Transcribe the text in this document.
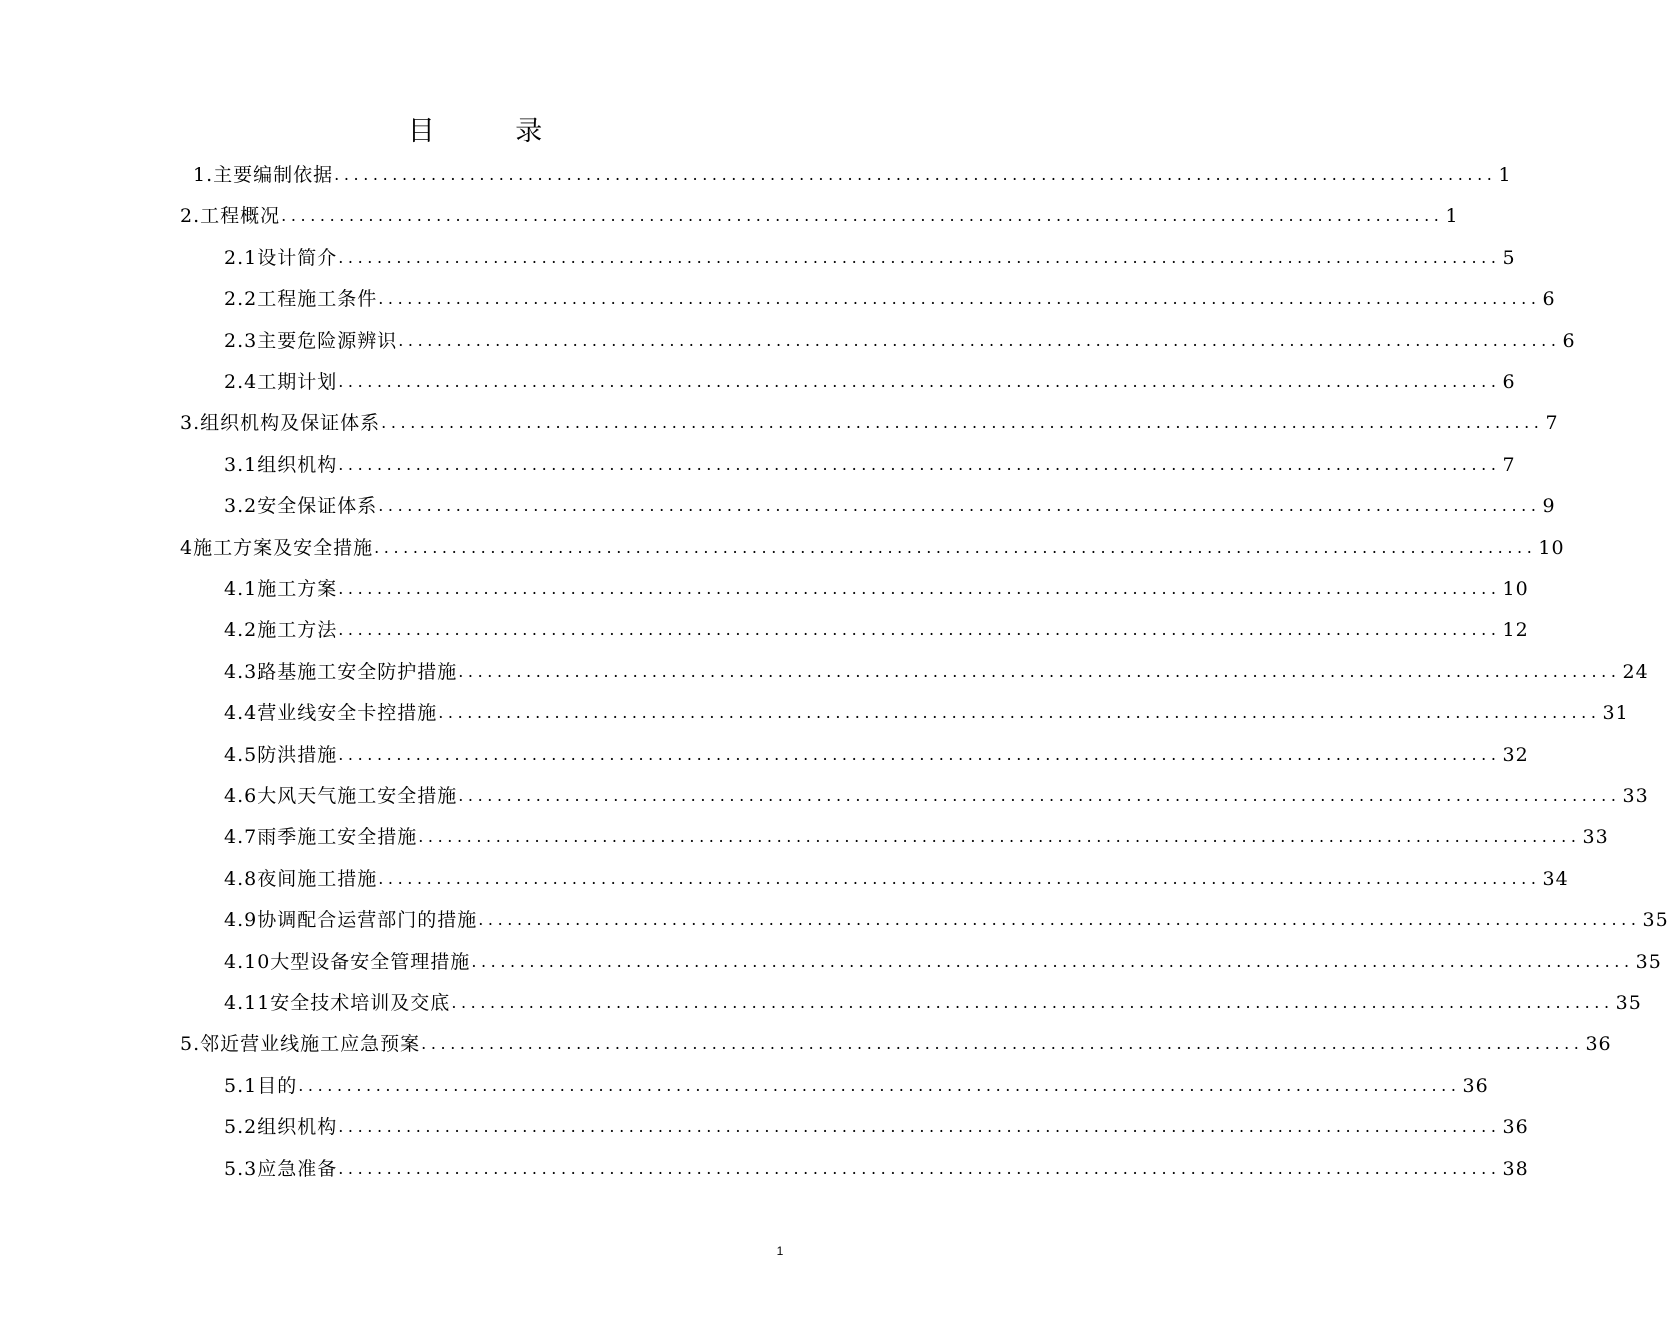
目 录
1.主要编制依据 ........................................................................................................................ 1
2.工程概况 ........................................................................................................................ 1
2.1设计简介 ........................................................................................................................ 5
2.2工程施工条件 ........................................................................................................................ 6
2.3主要危险源辨识 ........................................................................................................................ 6
2.4工期计划 ........................................................................................................................ 6
3.组织机构及保证体系 ........................................................................................................................ 7
3.1组织机构 ........................................................................................................................ 7
3.2安全保证体系 ........................................................................................................................ 9
4施工方案及安全措施 ........................................................................................................................ 10
4.1施工方案 ........................................................................................................................ 10
4.2施工方法 ........................................................................................................................ 12
4.3路基施工安全防护措施 ........................................................................................................................ 24
4.4营业线安全卡控措施 ........................................................................................................................ 31
4.5防洪措施 ........................................................................................................................ 32
4.6大风天气施工安全措施 ........................................................................................................................ 33
4.7雨季施工安全措施 ........................................................................................................................ 33
4.8夜间施工措施 ........................................................................................................................ 34
4.9协调配合运营部门的措施 ........................................................................................................................ 35
4.10大型设备安全管理措施 ........................................................................................................................ 35
4.11安全技术培训及交底 ........................................................................................................................ 35
5.邻近营业线施工应急预案 ........................................................................................................................ 36
5.1目的 ........................................................................................................................ 36
5.2组织机构 ........................................................................................................................ 36
5.3应急准备 ........................................................................................................................ 38
1
